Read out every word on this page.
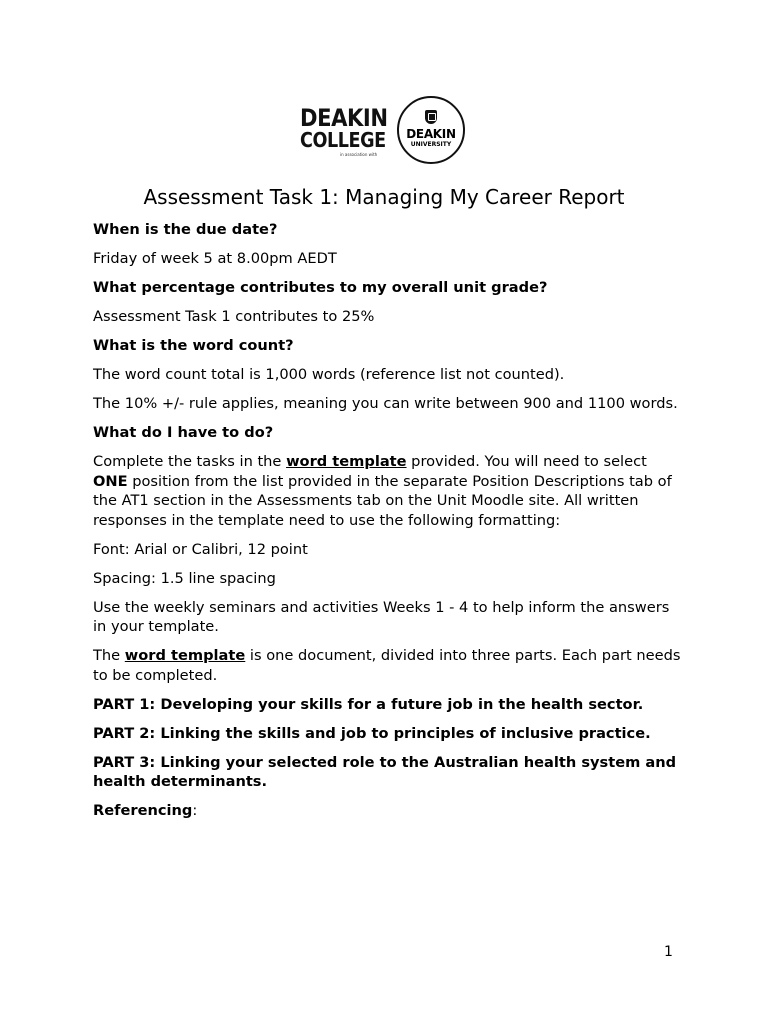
DEAKIN
COLLEGE
in association with
DEAKIN
UNIVERSITY
Assessment Task 1: Managing My Career Report

When is the due date?

Friday of week 5 at 8.00pm AEDT

What percentage contributes to my overall unit grade?

Assessment Task 1 contributes to 25%

What is the word count?

The word count total is 1,000 words (reference list not counted).

The 10% +/- rule applies, meaning you can write between 900 and 1100 words.

What do I have to do?

Complete the tasks in the word template provided. You will need to select ONE position from the list provided in the separate Position Descriptions tab of the AT1 section in the Assessments tab on the Unit Moodle site. All written responses in the template need to use the following formatting:

Font: Arial or Calibri, 12 point

Spacing: 1.5 line spacing

Use the weekly seminars and activities Weeks 1 - 4 to help inform the answers in your template.

The word template is one document, divided into three parts. Each part needs to be completed.

PART 1: Developing your skills for a future job in the health sector.

PART 2: Linking the skills and job to principles of inclusive practice.

PART 3: Linking your selected role to the Australian health system and health determinants.

Referencing:

1
